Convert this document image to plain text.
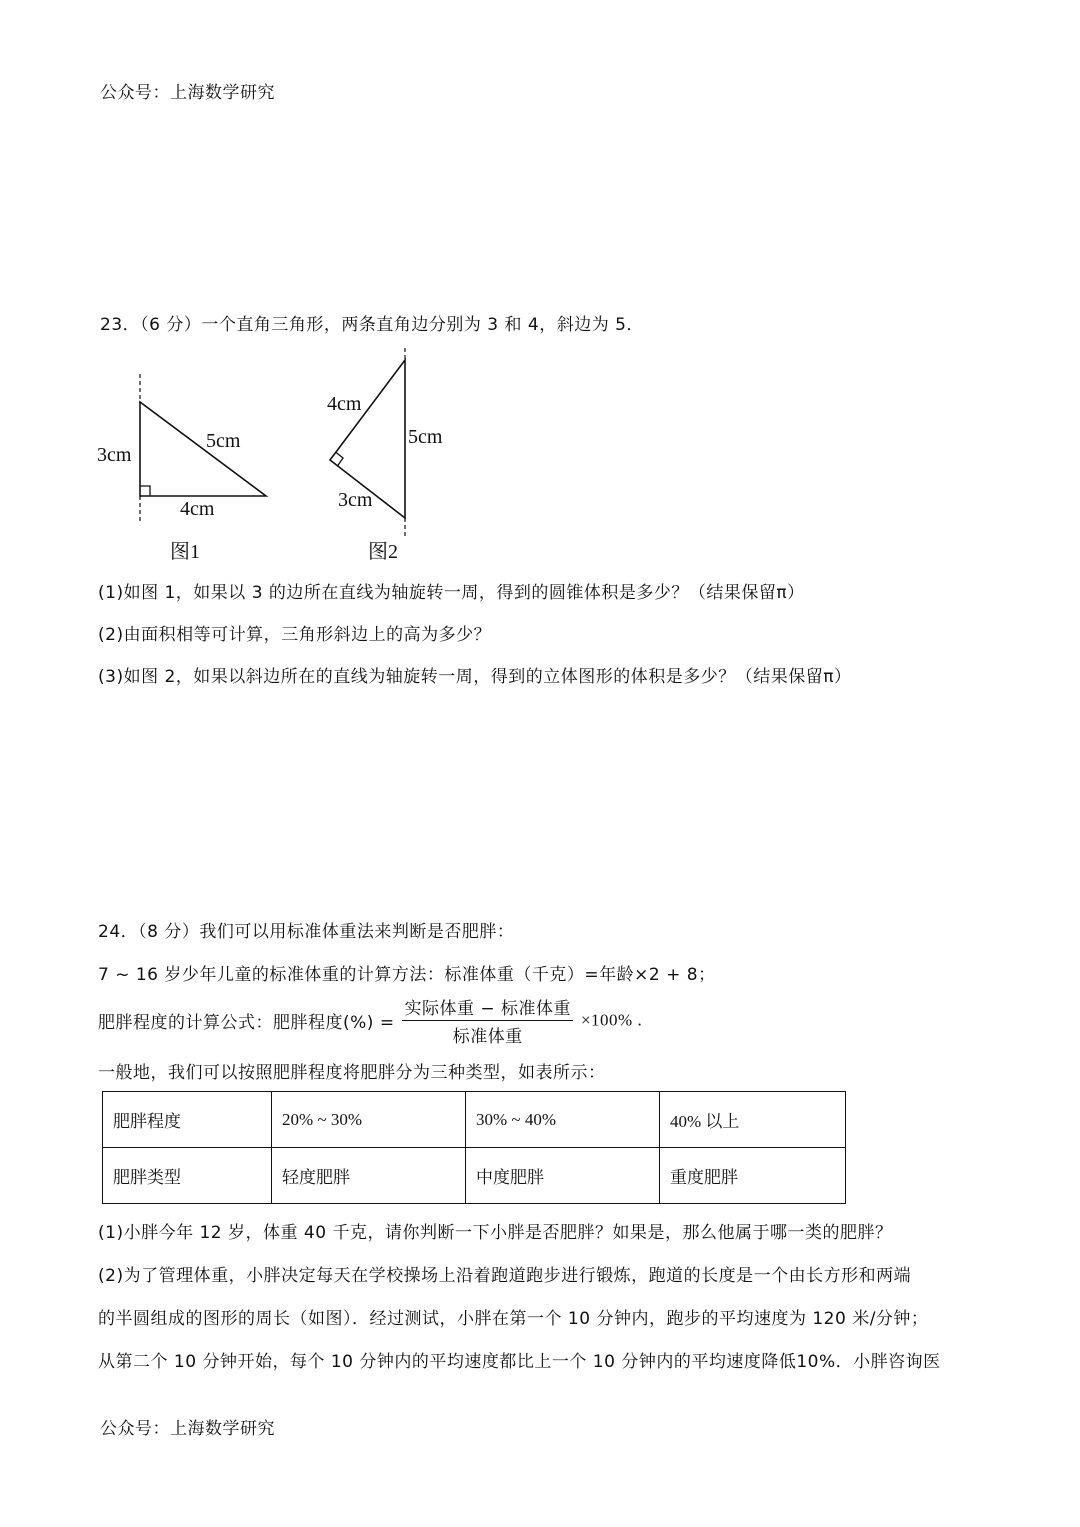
公众号：上海数学研究
23．（6 分）一个直角三角形，两条直角边分别为 3 和 4，斜边为 5．
3cm
5cm
4cm
图1
4cm
5cm
3cm
图2
(1)如图 1，如果以 3 的边所在直线为轴旋转一周，得到的圆锥体积是多少？（结果保留π）
(2)由面积相等可计算，三角形斜边上的高为多少？
(3)如图 2，如果以斜边所在的直线为轴旋转一周，得到的立体图形的体积是多少？（结果保留π）
24．（8 分）我们可以用标准体重法来判断是否肥胖：
7 ~ 16 岁少年儿童的标准体重的计算方法：标准体重（千克）=年龄×2 + 8；
肥胖程度的计算公式：肥胖程度(%) = $\frac{\text{实际体重 − 标准体重}}{\text{标准体重}} \times 100\%$ .
一般地，我们可以按照肥胖程度将肥胖分为三种类型，如表所示：
肥胖程度	20% ~ 30%	30% ~ 40%	40% 以上
肥胖类型	轻度肥胖	中度肥胖	重度肥胖
(1)小胖今年 12 岁，体重 40 千克，请你判断一下小胖是否肥胖？如果是，那么他属于哪一类的肥胖？
(2)为了管理体重，小胖决定每天在学校操场上沿着跑道跑步进行锻炼，跑道的长度是一个由长方形和两端
的半圆组成的图形的周长（如图）．经过测试，小胖在第一个 10 分钟内，跑步的平均速度为 120 米/分钟；
从第二个 10 分钟开始，每个 10 分钟内的平均速度都比上一个 10 分钟内的平均速度降低10%．小胖咨询医
公众号：上海数学研究
